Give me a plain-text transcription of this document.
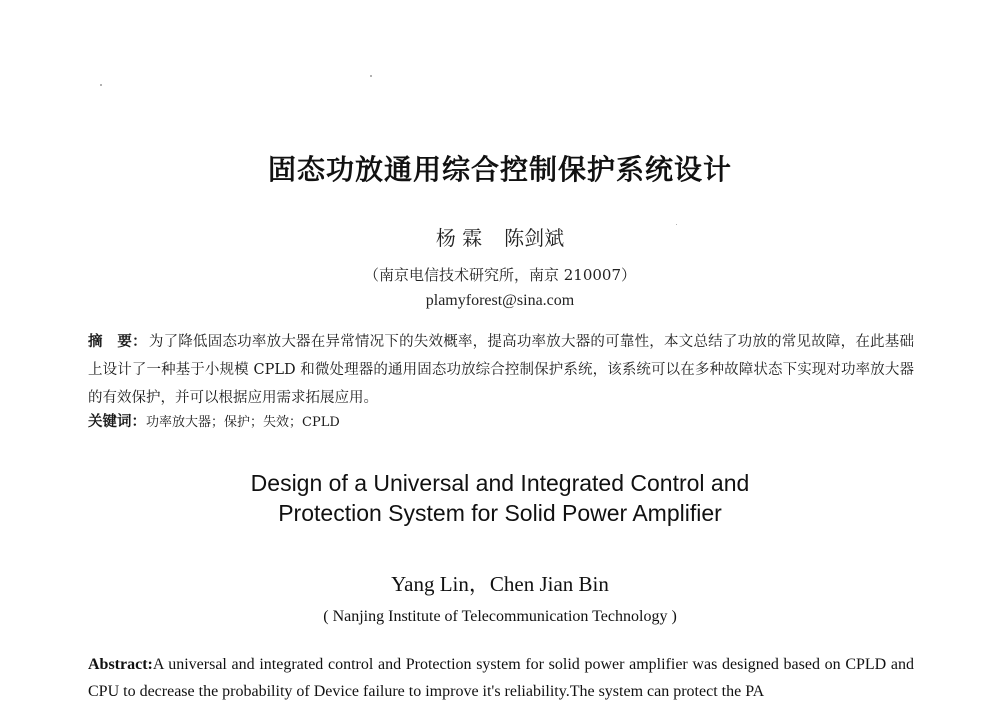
固态功放通用综合控制保护系统设计
杨 霖 陈剑斌
（南京电信技术研究所，南京 210007）
plamyforest@sina.com
摘　要： 为了降低固态功率放大器在异常情况下的失效概率，提高功率放大器的可靠性，本文总结了功放的常见故障，在此基础上设计了一种基于小规模 CPLD 和微处理器的通用固态功放综合控制保护系统，该系统可以在多种故障状态下实现对功率放大器的有效保护，并可以根据应用需求拓展应用。
关键词：功率放大器；保护；失效；CPLD
Design of a Universal and Integrated Control and
Protection System for Solid Power Amplifier
Yang Lin，Chen Jian Bin
( Nanjing Institute of Telecommunication Technology )
Abstract:A universal and integrated control and Protection system for solid power amplifier was designed based on CPLD and CPU to decrease the probability of Device failure to improve it's reliability.The system can protect the PA
